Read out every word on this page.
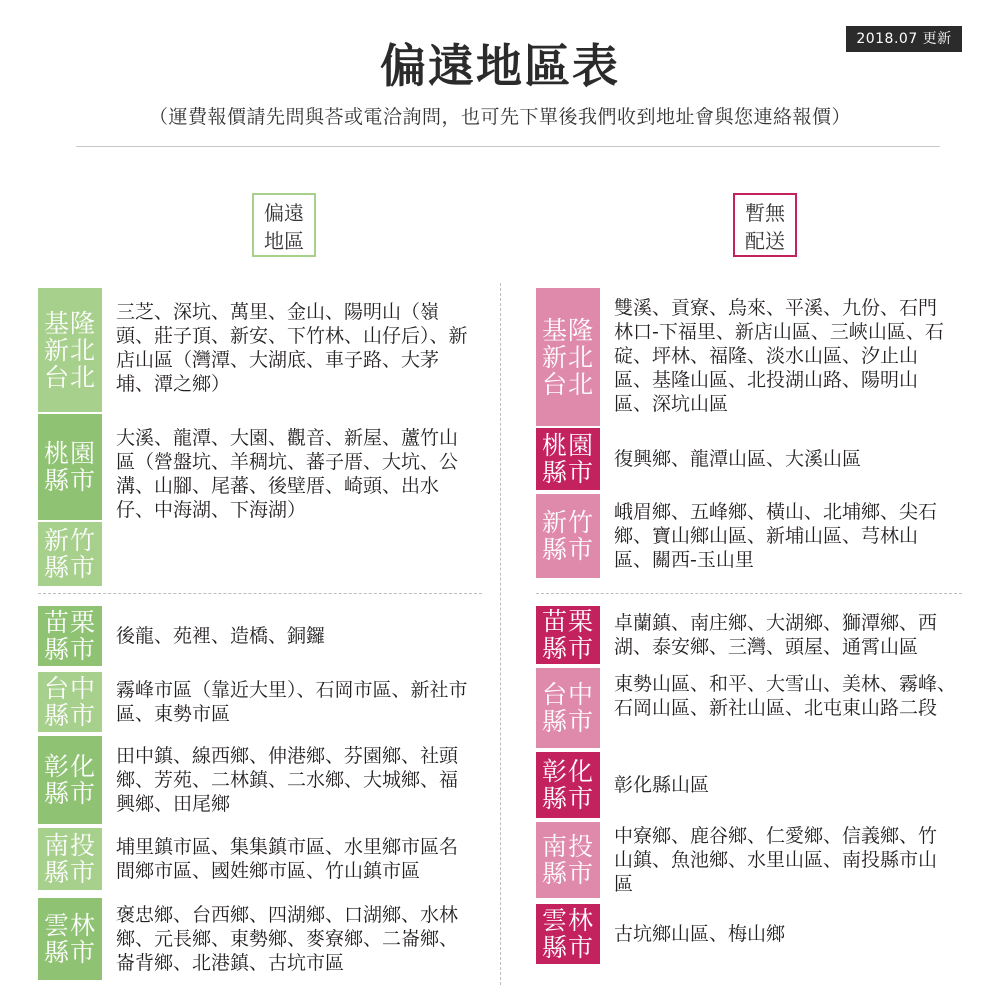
2018.07 更新
偏遠地區表
（運費報價請先問與荅或電洽詢問，也可先下單後我們收到地址會與您連絡報價）
偏遠
地區
暫無
配送
基隆
新北
台北
三芝、深坑、萬里、金山、陽明山（嶺頭、莊子頂、新安、下竹林、山仔后）、新店山區（灣潭、大湖底、車子路、大茅埔、潭之鄉）
桃園
縣市
大溪、龍潭、大園、觀音、新屋、蘆竹山區（營盤坑、羊稠坑、蕃子厝、大坑、公溝、山腳、尾蕃、後壁厝、崎頭、出水仔、中海湖、下海湖）
新竹
縣市
苗栗
縣市 後龍、苑裡、造橋、銅鑼
台中
縣市
霧峰市區（靠近大里）、石岡市區、新社市區、東勢市區
彰化
縣市
田中鎮、線西鄉、伸港鄉、芬園鄉、社頭鄉、芳苑、二林鎮、二水鄉、大城鄉、福興鄉、田尾鄉
南投
縣市
埔里鎮市區、集集鎮市區、水里鄉市區名間鄉市區、國姓鄉市區、竹山鎮市區
雲林
縣市
褒忠鄉、台西鄉、四湖鄉、口湖鄉、水林鄉、元長鄉、東勢鄉、麥寮鄉、二崙鄉、崙背鄉、北港鎮、古坑市區
基隆
新北
台北
雙溪、貢寮、烏來、平溪、九份、石門林口-下福里、新店山區、三峽山區、石碇、坪林、福隆、淡水山區、汐止山區、基隆山區、北投湖山路、陽明山區、深坑山區
桃園
縣市 復興鄉、龍潭山區、大溪山區
新竹
縣市
峨眉鄉、五峰鄉、橫山、北埔鄉、尖石鄉、寶山鄉山區、新埔山區、芎林山區、關西-玉山里
苗栗
縣市
卓蘭鎮、南庄鄉、大湖鄉、獅潭鄉、西湖、泰安鄉、三灣、頭屋、通霄山區
台中
縣市
東勢山區、和平、大雪山、美林、霧峰、　石岡山區、新社山區、北屯東山路二段
彰化
縣市 彰化縣山區
南投
縣市
中寮鄉、鹿谷鄉、仁愛鄉、信義鄉、竹山鎮、魚池鄉、水里山區、南投縣市山區
雲林
縣市 古坑鄉山區、梅山鄉
